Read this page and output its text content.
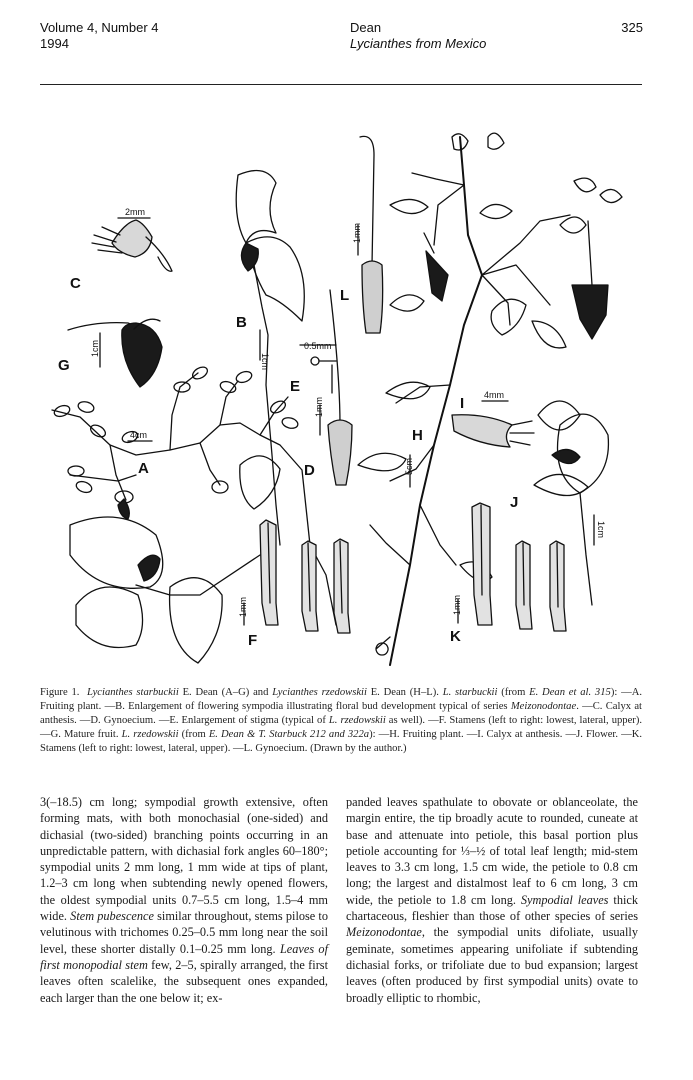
Volume 4, Number 4
1994
Dean
Lycianthes from Mexico
325
C
B
G
E
A	D
F
L
H
I
J
K
2mm
1cm
0.5mm
1mm
1cm
4cm
1mm
1mm
4mm
5cm
1cm
1mm
Figure 1. Lycianthes starbuckii E. Dean (A–G) and Lycianthes rzedowskii E. Dean (H–L). L. starbuckii (from E. Dean et al. 315): —A. Fruiting plant. —B. Enlargement of flowering sympodia illustrating floral bud development typical of series Meizonodontae. —C. Calyx at anthesis. —D. Gynoecium. —E. Enlargement of stigma (typical of L. rzedowskii as well). —F. Stamens (left to right: lowest, lateral, upper). —G. Mature fruit. L. rzedowskii (from E. Dean & T. Starbuck 212 and 322a): —H. Fruiting plant. —I. Calyx at anthesis. —J. Flower. —K. Stamens (left to right: lowest, lateral, upper). —L. Gynoecium. (Drawn by the author.)
3(–18.5) cm long; sympodial growth extensive, often forming mats, with both monochasial (one-sided) and dichasial (two-sided) branching points occurring in an unpredictable pattern, with dichasial fork angles 60–180°; sympodial units 2 mm long, 1 mm wide at tips of plant, 1.2–3 cm long when subtending newly opened flowers, the oldest sympodial units 0.7–5.5 cm long, 1.5–4 mm wide. Stem pubescence similar throughout, stems pilose to velutinous with trichomes 0.25–0.5 mm long near the soil level, these shorter distally 0.1–0.25 mm long. Leaves of first monopodial stem few, 2–5, spirally arranged, the first leaves often scalelike, the subsequent ones expanded, each larger than the one below it; ex-
panded leaves spathulate to obovate or oblanceolate, the margin entire, the tip broadly acute to rounded, cuneate at base and attenuate into petiole, this basal portion plus petiole accounting for ⅓–½ of total leaf length; mid-stem leaves to 3.3 cm long, 1.5 cm wide, the petiole to 0.8 cm long; the largest and distalmost leaf to 6 cm long, 3 cm wide, the petiole to 1.8 cm long. Sympodial leaves thick chartaceous, fleshier than those of other species of series Meizonodontae, the sympodial units difoliate, usually geminate, sometimes appearing unifoliate if subtending dichasial forks, or trifoliate due to bud expansion; largest leaves (often produced by first sympodial units) ovate to broadly elliptic to rhombic,
